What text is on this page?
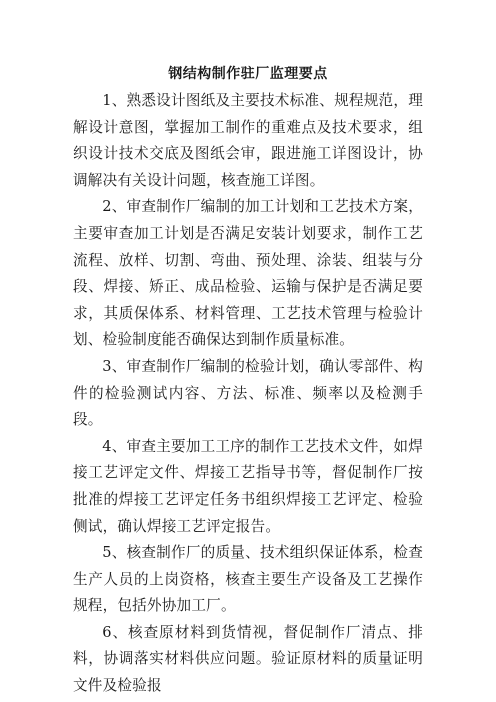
钢结构制作驻厂监理要点

1、熟悉设计图纸及主要技术标准、规程规范，理解设计意图，掌握加工制作的重难点及技术要求，组织设计技术交底及图纸会审，跟进施工详图设计，协调解决有关设计问题，核查施工详图。

2、审查制作厂编制的加工计划和工艺技术方案，主要审查加工计划是否满足安装计划要求，制作工艺流程、放样、切割、弯曲、预处理、涂装、组装与分段、焊接、矫正、成品检验、运输与保护是否满足要求，其质保体系、材料管理、工艺技术管理与检验计划、检验制度能否确保达到制作质量标准。

3、审查制作厂编制的检验计划，确认零部件、构件的检验测试内容、方法、标准、频率以及检测手段。

4、审查主要加工工序的制作工艺技术文件，如焊接工艺评定文件、焊接工艺指导书等，督促制作厂按批准的焊接工艺评定任务书组织焊接工艺评定、检验侧试，确认焊接工艺评定报告。

5、核查制作厂的质量、技术组织保证体系，检查生产人员的上岗资格，核查主要生产设备及工艺操作规程，包括外协加工厂。

6、核查原材料到货情视，督促制作厂清点、排料，协调落实材料供应问题。验证原材料的质量证明文件及检验报
